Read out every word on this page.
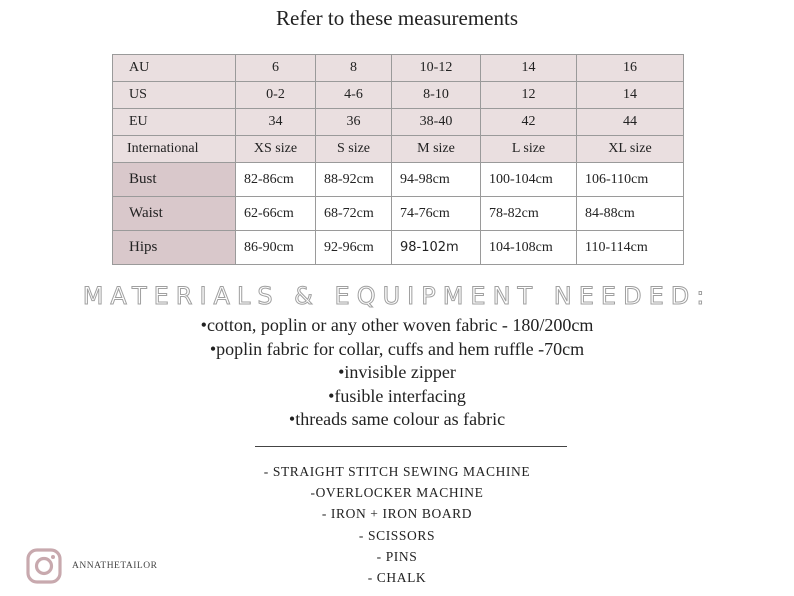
Refer to these measurements
AU	6	8	10-12	14	16
US	0-2	4-6	8-10	12	14
EU	34	36	38-40	42	44
International	XS size	S size	M size	L size	XL size
Bust	82-86cm	88-92cm	94-98cm	100-104cm	106-110cm
Waist	62-66cm	68-72cm	74-76cm	78-82cm	84-88cm
Hips	86-90cm	92-96cm	98-102m	104-108cm	110-114cm
MATERIALS & EQUIPMENT NEEDED:
•cotton, poplin or any other woven fabric - 180/200cm
•poplin fabric for collar, cuffs and hem ruffle -70cm
•invisible zipper
•fusible interfacing
•threads same colour as fabric
- STRAIGHT STITCH SEWING MACHINE
-OVERLOCKER MACHINE
- IRON + IRON BOARD
- SCISSORS
- PINS
- CHALK
ANNATHETAILOR
